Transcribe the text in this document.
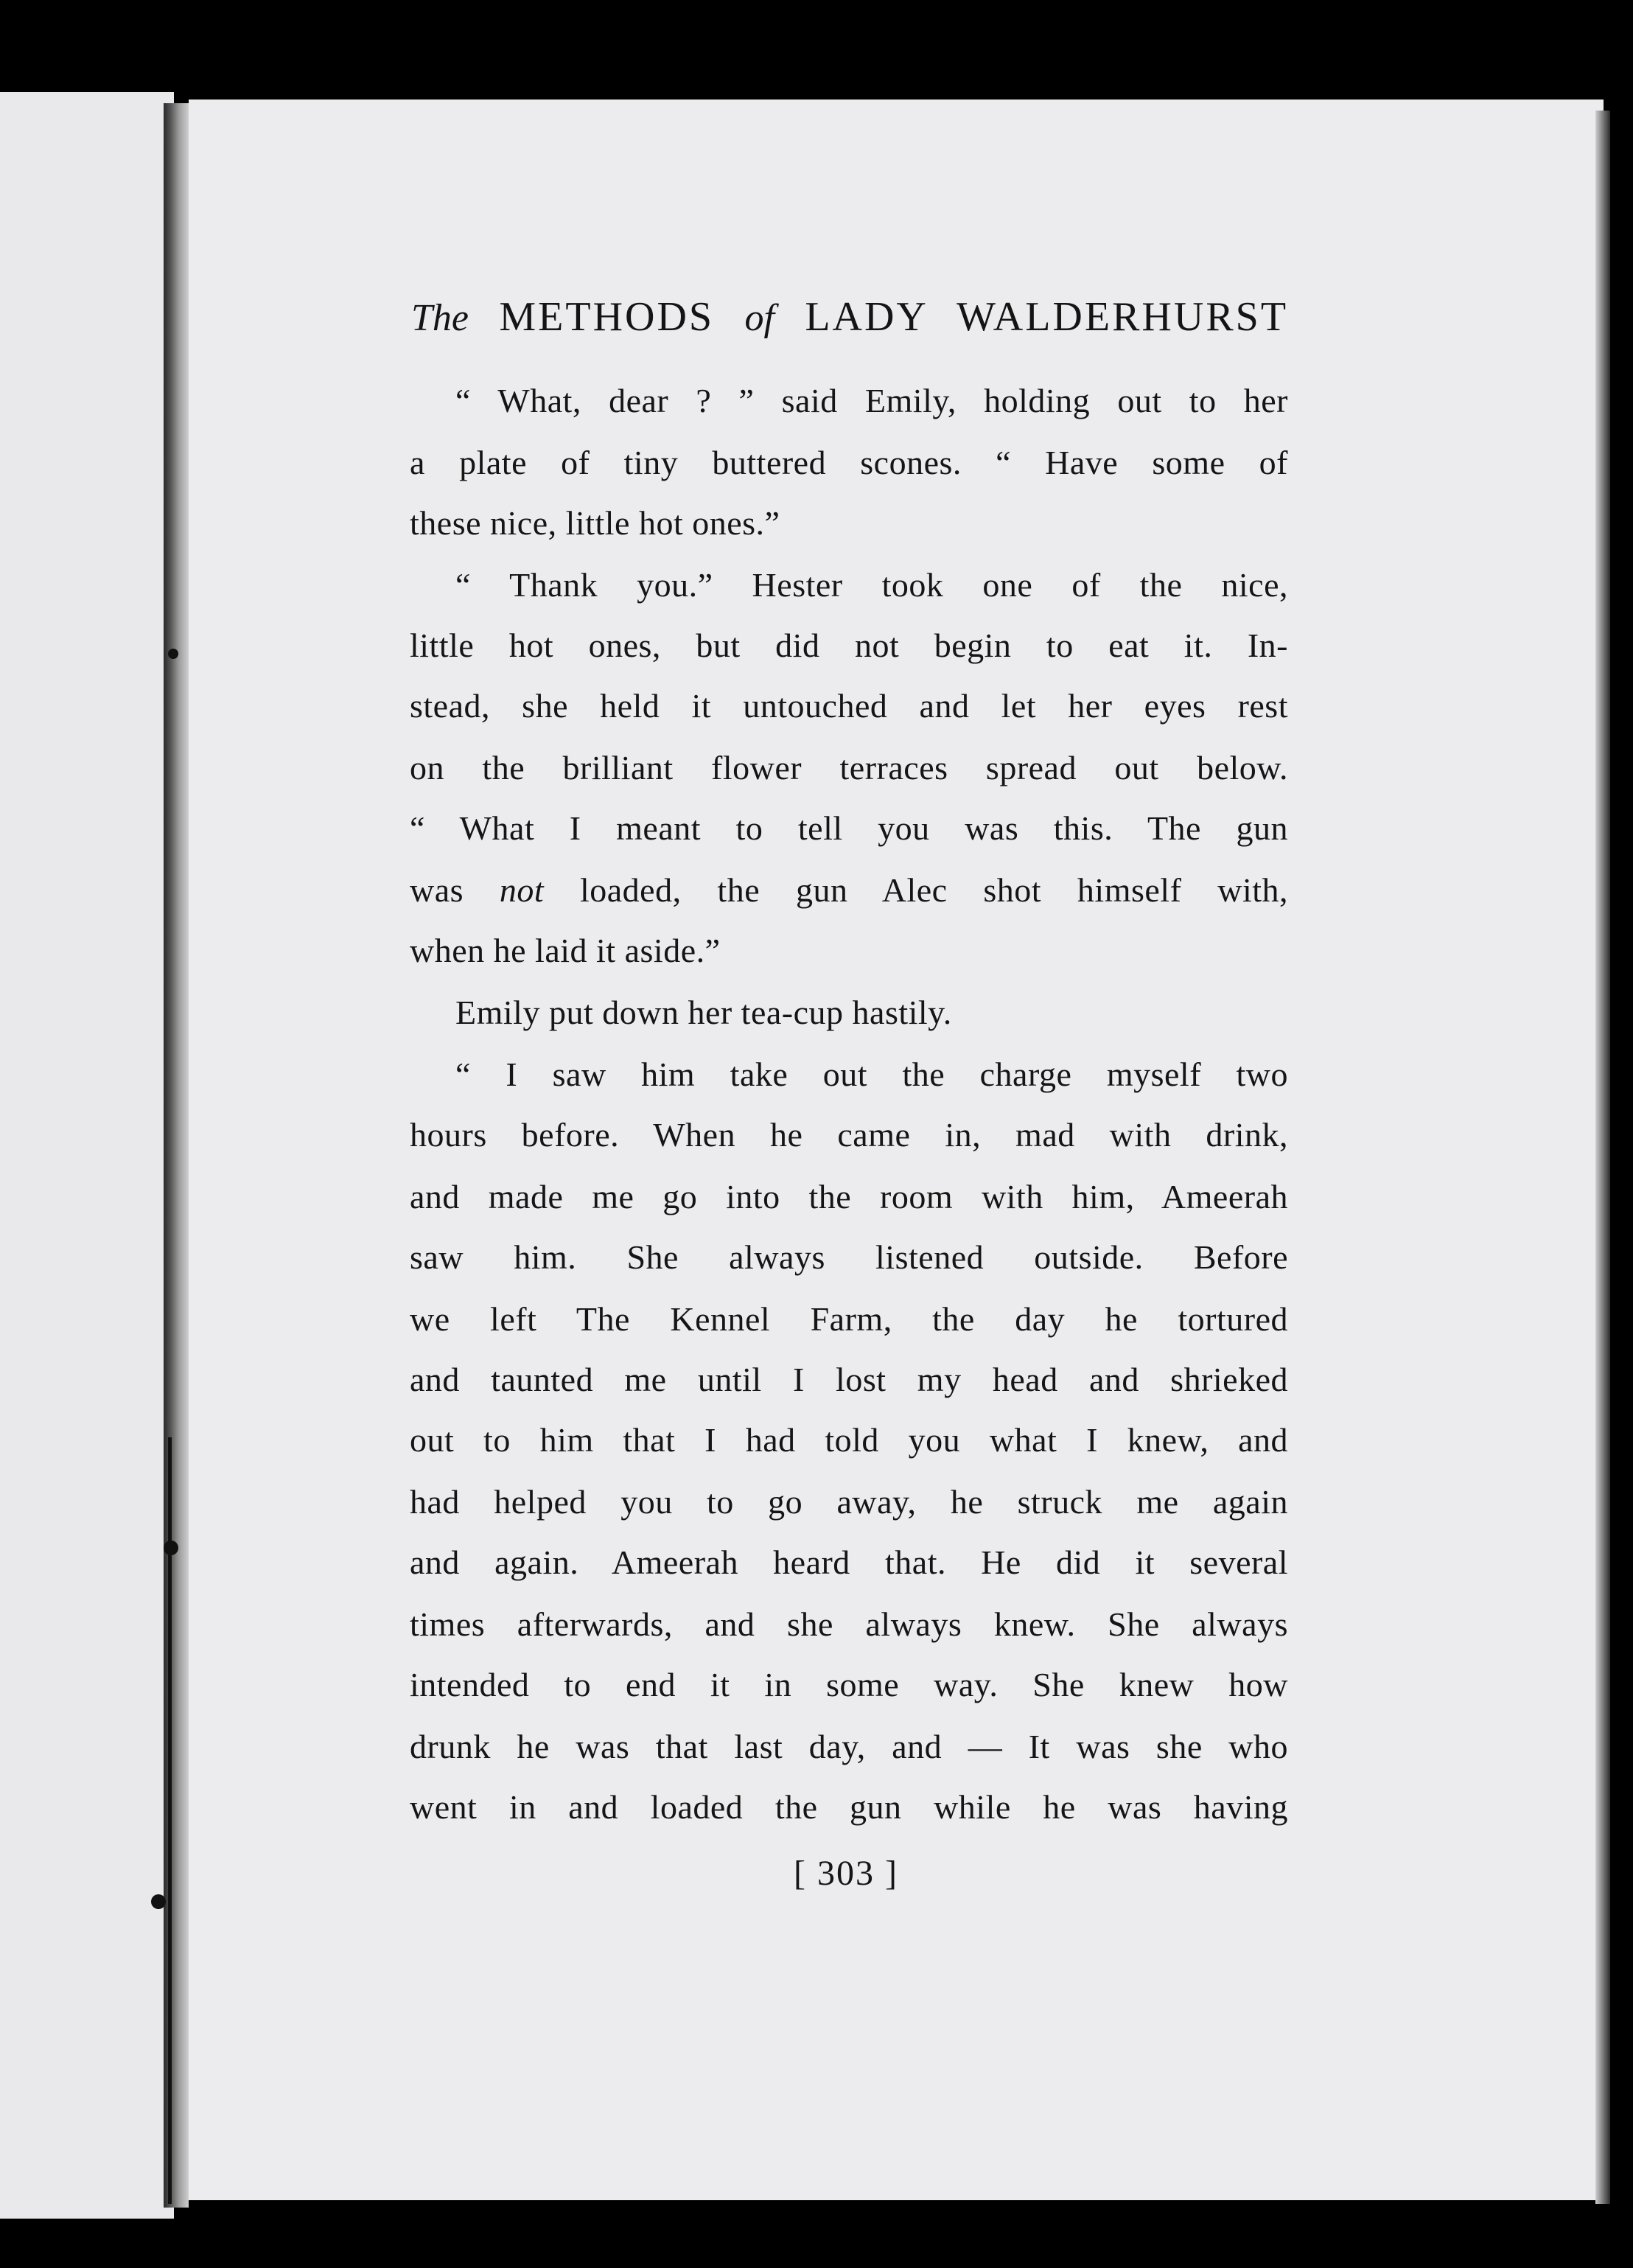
The METHODS of LADY WALDERHURST
“ What, dear ? ” said Emily, holding out to her
a plate of tiny buttered scones. “ Have some of
these nice, little hot ones.”
“ Thank you.” Hester took one of the nice,
little hot ones, but did not begin to eat it. In-
stead, she held it untouched and let her eyes rest
on the brilliant flower terraces spread out below.
“ What I meant to tell you was this. The gun
was not loaded, the gun Alec shot himself with,
when he laid it aside.”
Emily put down her tea-cup hastily.
“ I saw him take out the charge myself two
hours before. When he came in, mad with drink,
and made me go into the room with him, Ameerah
saw him. She always listened outside. Before
we left The Kennel Farm, the day he tortured
and taunted me until I lost my head and shrieked
out to him that I had told you what I knew, and
had helped you to go away, he struck me again
and again. Ameerah heard that. He did it several
times afterwards, and she always knew. She always
intended to end it in some way. She knew how
drunk he was that last day, and — It was she who
went in and loaded the gun while he was having
[ 303 ]
